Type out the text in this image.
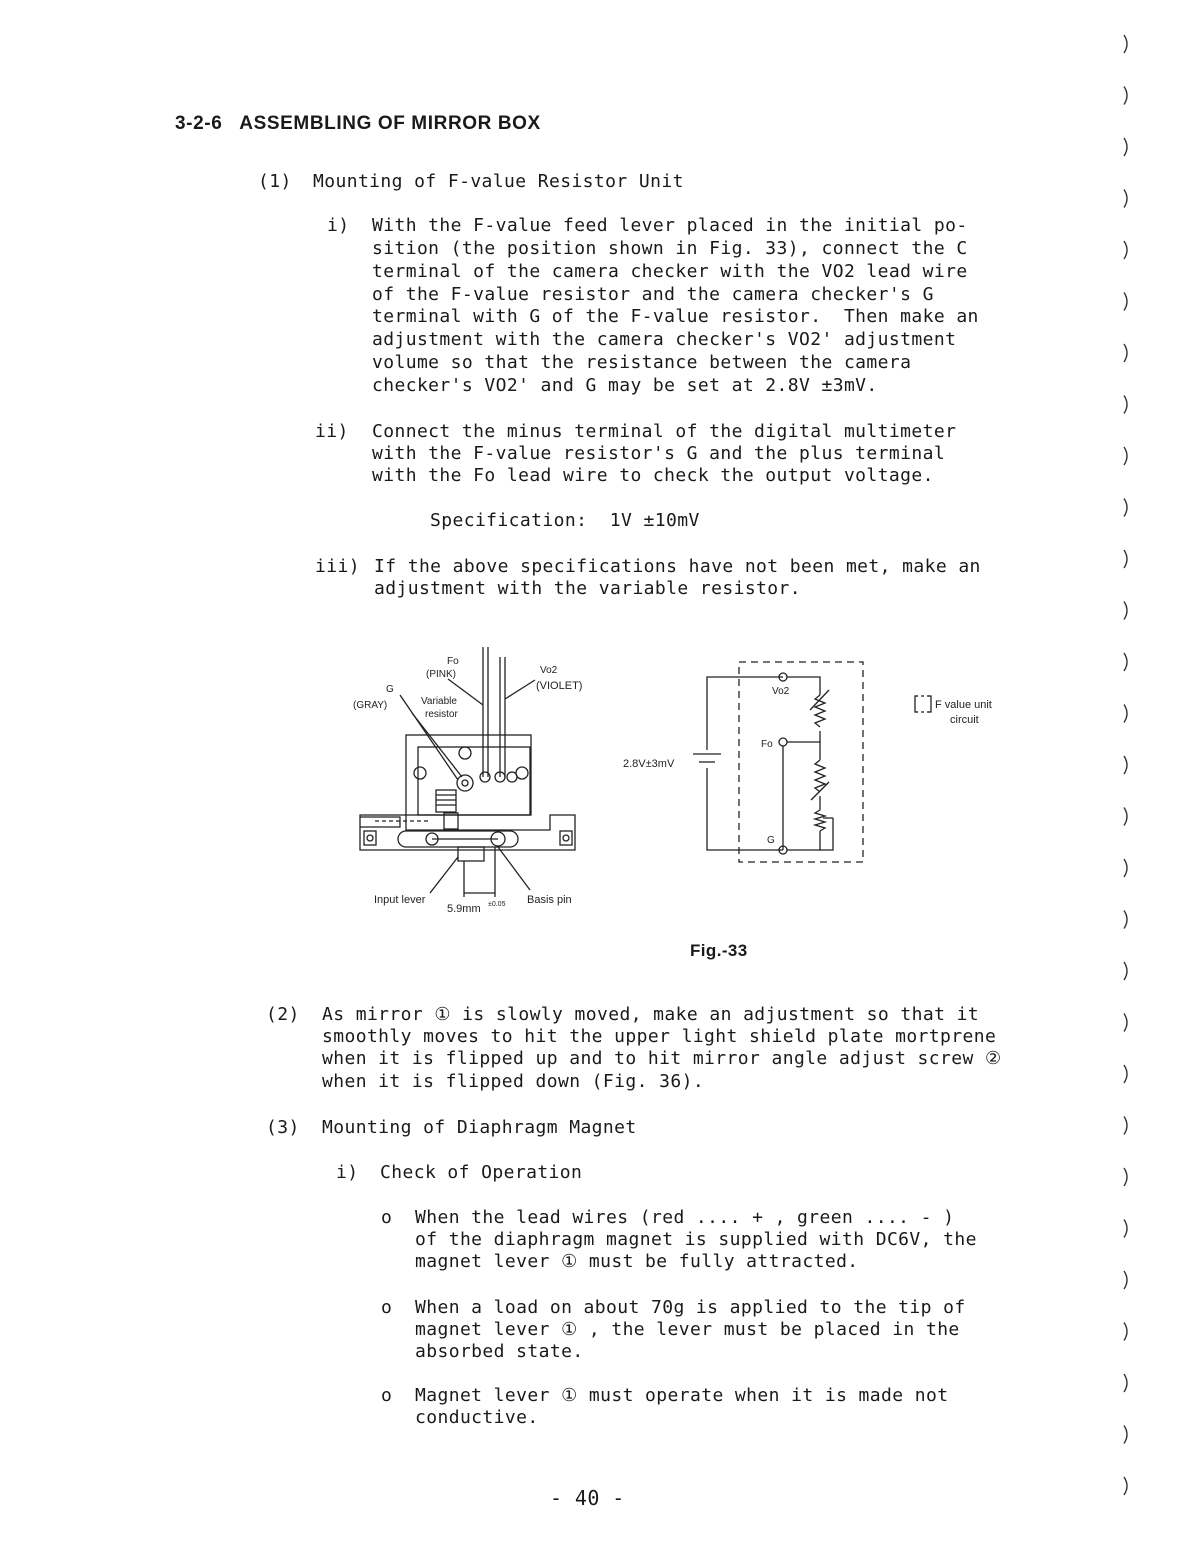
3-2-6 ASSEMBLING OF MIRROR BOX
(1) Mounting of F-value Resistor Unit
i) With the F-value feed lever placed in the initial po-
sition (the position shown in Fig. 33), connect the C
terminal of the camera checker with the VO2 lead wire
of the F-value resistor and the camera checker's G
terminal with G of the F-value resistor.  Then make an
adjustment with the camera checker's VO2' adjustment
volume so that the resistance between the camera
checker's VO2' and G may be set at 2.8V ±3mV.
ii) Connect the minus terminal of the digital multimeter
with the F-value resistor's G and the plus terminal
with the Fo lead wire to check the output voltage.
Specification:  1V ±10mV
iii) If the above specifications have not been met, make an
adjustment with the variable resistor.
Fo
(PINK)	Vo2
(VIOLET)
G
(GRAY)	Variable
resistor
Input lever
5.9mm ±0.05 Basis pin
2.8V±3mV
Vo2
Fo
G
F value unit
circuit
Fig.-33
(2) As mirror ① is slowly moved, make an adjustment so that it
smoothly moves to hit the upper light shield plate mortprene
when it is flipped up and to hit mirror angle adjust screw ②
when it is flipped down (Fig. 36).
(3) Mounting of Diaphragm Magnet
i) Check of Operation
o When the lead wires (red .... + , green .... - )
of the diaphragm magnet is supplied with DC6V, the
magnet lever ① must be fully attracted.
o When a load on about 70g is applied to the tip of
magnet lever ① , the lever must be placed in the
absorbed state.
o Magnet lever ① must operate when it is made not
conductive.
- 40 -
